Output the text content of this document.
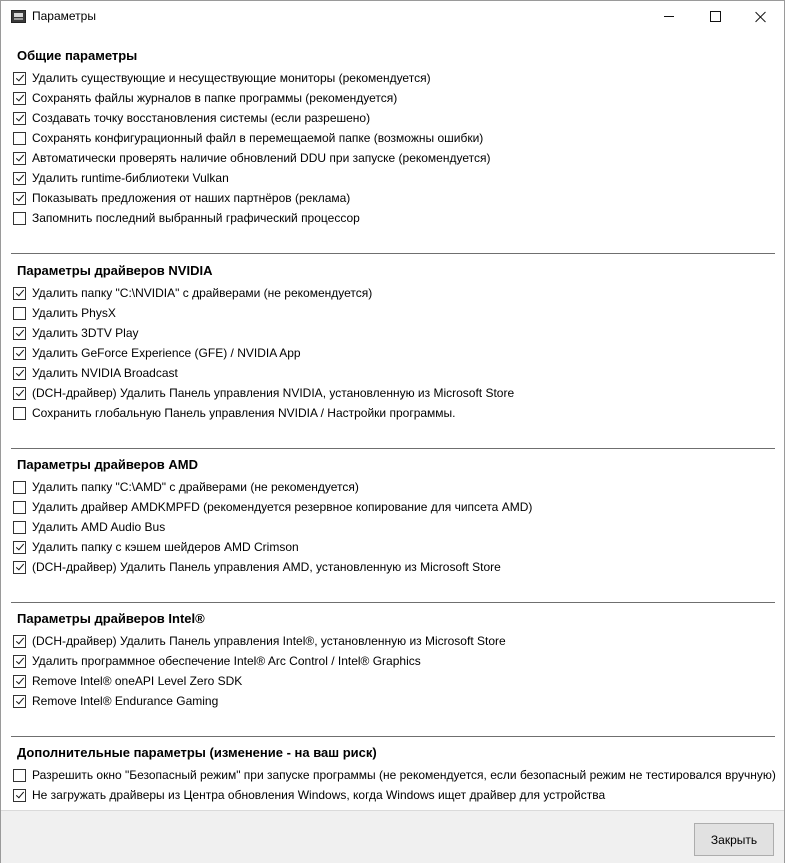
Параметры
Общие параметры
Удалить существующие и несуществующие мониторы (рекомендуется)
Сохранять файлы журналов в папке программы (рекомендуется)
Создавать точку восстановления системы (если разрешено)
Сохранять конфигурационный файл в перемещаемой папке (возможны ошибки)
Автоматически проверять наличие обновлений DDU при запуске (рекомендуется)
Удалить runtime-библиотеки Vulkan
Показывать предложения от наших партнёров (реклама)
Запомнить последний выбранный графический процессор
Параметры драйверов NVIDIA
Удалить папку "C:\NVIDIA" с драйверами (не рекомендуется)
Удалить PhysX
Удалить 3DTV Play
Удалить GeForce Experience (GFE) / NVIDIA App
Удалить NVIDIA Broadcast
(DCH-драйвер) Удалить Панель управления NVIDIA, установленную из Microsoft Store
Сохранить глобальную Панель управления NVIDIA / Настройки программы.
Параметры драйверов AMD
Удалить папку "C:\AMD" с драйверами (не рекомендуется)
Удалить драйвер AMDKMPFD (рекомендуется резервное копирование для чипсета AMD)
Удалить AMD Audio Bus
Удалить папку с кэшем шейдеров AMD Crimson
(DCH-драйвер) Удалить Панель управления AMD, установленную из Microsoft Store
Параметры драйверов Intel®
(DCH-драйвер) Удалить Панель управления Intel®, установленную из Microsoft Store
Удалить программное обеспечение Intel® Arc Control / Intel® Graphics
Remove Intel® oneAPI Level Zero SDK
Remove Intel® Endurance Gaming
Дополнительные параметры (изменение - на ваш риск)
Разрешить окно "Безопасный режим" при запуске программы (не рекомендуется, если безопасный режим не тестировался вручную)
Не загружать драйверы из Центра обновления Windows, когда Windows ищет драйвер для устройства
Закрыть
